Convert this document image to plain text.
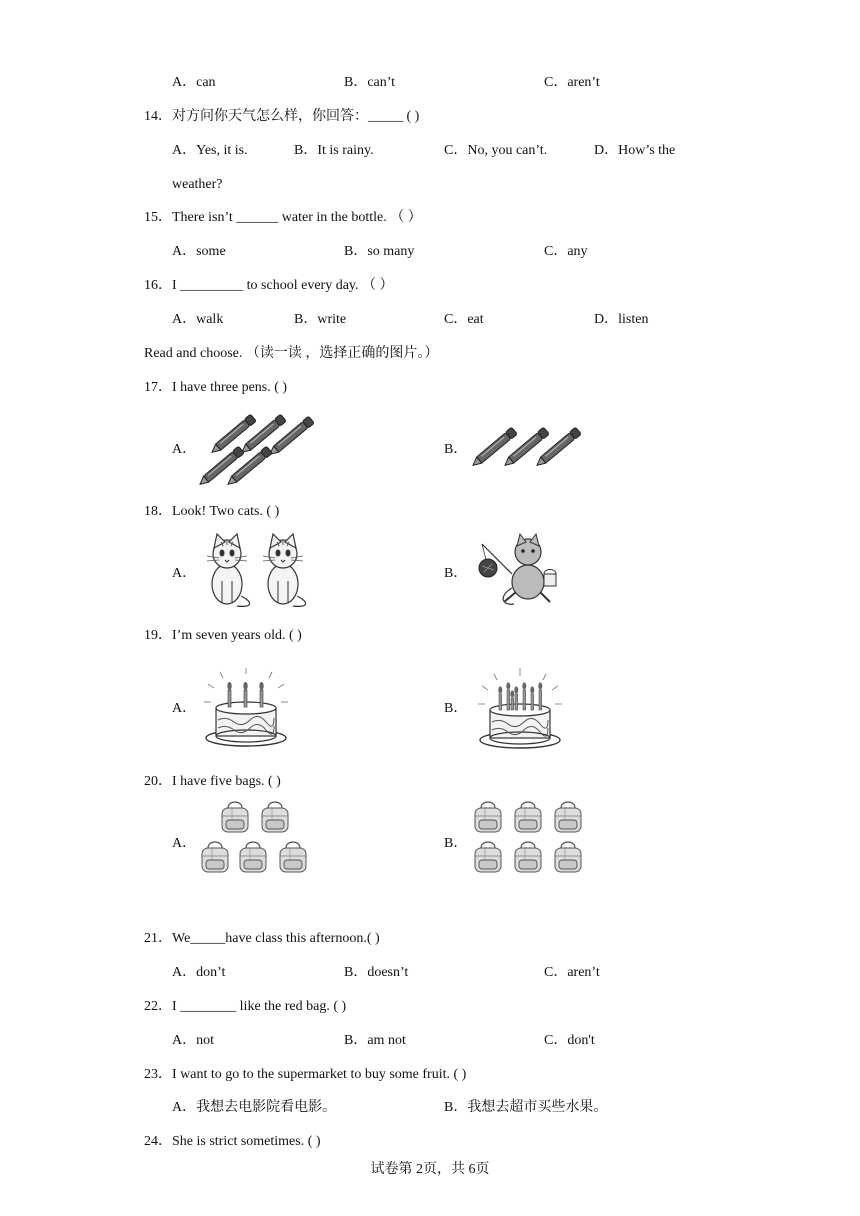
A．can	B．can’t	C．aren’t
14．对方问你天气怎么样，你回答：_____ ( )
A．Yes, it is.	B．It is rainy.	C．No, you can’t.	D．How’s the
weather?
15．There isn’t ______ water in the bottle. （ ）
A．some	B．so many	C．any
16．I _________ to school every day. （ ）
A．walk	B．write	C．eat	D．listen
Read and choose. （读一读 ，选择正确的图片。）
17．I have three pens. ( )
A．	B．
18．Look! Two cats. ( )
A．	B．
19．I’m seven years old. ( )
A．	B．
20．I have five bags. ( )
A．	B．
21．We_____have class this afternoon.( )
A．don’t	B．doesn’t	C．aren’t
22．I ________ like the red bag. ( )
A．not	B．am not	C．don't
23．I want to go to the supermarket to buy some fruit. ( )
A．我想去电影院看电影。	B．我想去超市买些水果。
24．She is strict sometimes. ( )
试卷第 2页，共 6页
